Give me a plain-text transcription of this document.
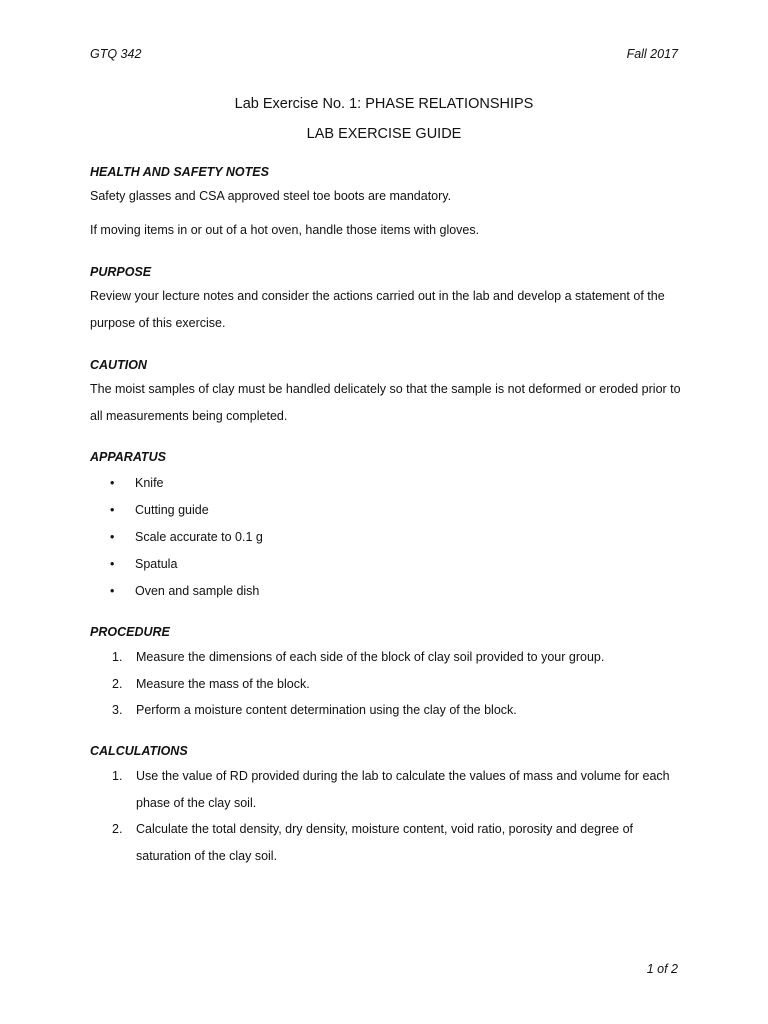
GTQ 342	Fall 2017
Lab Exercise No. 1: PHASE RELATIONSHIPS
LAB EXERCISE GUIDE
HEALTH AND SAFETY NOTES
Safety glasses and CSA approved steel toe boots are mandatory.
If moving items in or out of a hot oven, handle those items with gloves.
PURPOSE
Review your lecture notes and consider the actions carried out in the lab and develop a statement of the purpose of this exercise.
CAUTION
The moist samples of clay must be handled delicately so that the sample is not deformed or eroded prior to all measurements being completed.
APPARATUS
• Knife
• Cutting guide
• Scale accurate to 0.1 g
• Spatula
• Oven and sample dish
PROCEDURE
1. Measure the dimensions of each side of the block of clay soil provided to your group.
2. Measure the mass of the block.
3. Perform a moisture content determination using the clay of the block.
CALCULATIONS
1. Use the value of RD provided during the lab to calculate the values of mass and volume for each phase of the clay soil.
2. Calculate the total density, dry density, moisture content, void ratio, porosity and degree of saturation of the clay soil.
1 of 2
